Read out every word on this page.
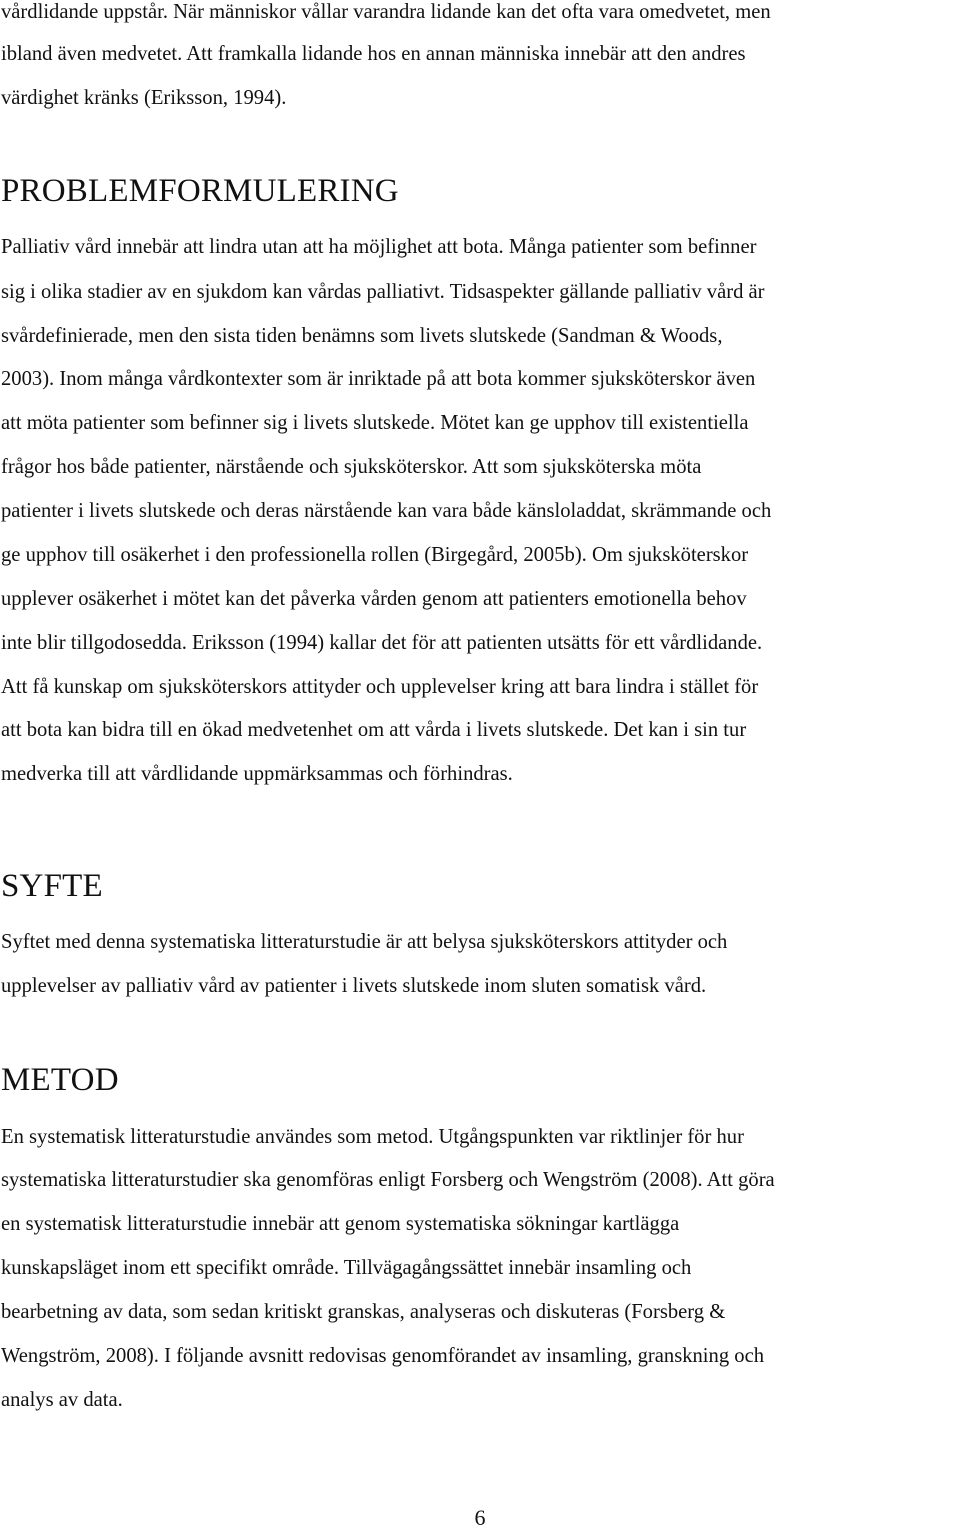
vårdlidande uppstår. När människor vållar varandra lidande kan det ofta vara omedvetet, men
ibland även medvetet. Att framkalla lidande hos en annan människa innebär att den andres
värdighet kränks (Eriksson, 1994).
PROBLEMFORMULERING
Palliativ vård innebär att lindra utan att ha möjlighet att bota. Många patienter som befinner
sig i olika stadier av en sjukdom kan vårdas palliativt. Tidsaspekter gällande palliativ vård är
svårdefinierade, men den sista tiden benämns som livets slutskede (Sandman & Woods,
2003). Inom många vårdkontexter som är inriktade på att bota kommer sjuksköterskor även
att möta patienter som befinner sig i livets slutskede. Mötet kan ge upphov till existentiella
frågor hos både patienter, närstående och sjuksköterskor. Att som sjuksköterska möta
patienter i livets slutskede och deras närstående kan vara både känsloladdat, skrämmande och
ge upphov till osäkerhet i den professionella rollen (Birgegård, 2005b). Om sjuksköterskor
upplever osäkerhet i mötet kan det påverka vården genom att patienters emotionella behov
inte blir tillgodosedda. Eriksson (1994) kallar det för att patienten utsätts för ett vårdlidande.
Att få kunskap om sjuksköterskors attityder och upplevelser kring att bara lindra i stället för
att bota kan bidra till en ökad medvetenhet om att vårda i livets slutskede. Det kan i sin tur
medverka till att vårdlidande uppmärksammas och förhindras.
SYFTE
Syftet med denna systematiska litteraturstudie är att belysa sjuksköterskors attityder och
upplevelser av palliativ vård av patienter i livets slutskede inom sluten somatisk vård.
METOD
En systematisk litteraturstudie användes som metod. Utgångspunkten var riktlinjer för hur
systematiska litteraturstudier ska genomföras enligt Forsberg och Wengström (2008). Att göra
en systematisk litteraturstudie innebär att genom systematiska sökningar kartlägga
kunskapsläget inom ett specifikt område. Tillvägagångssättet innebär insamling och
bearbetning av data, som sedan kritiskt granskas, analyseras och diskuteras (Forsberg &
Wengström, 2008). I följande avsnitt redovisas genomförandet av insamling, granskning och
analys av data.
6
